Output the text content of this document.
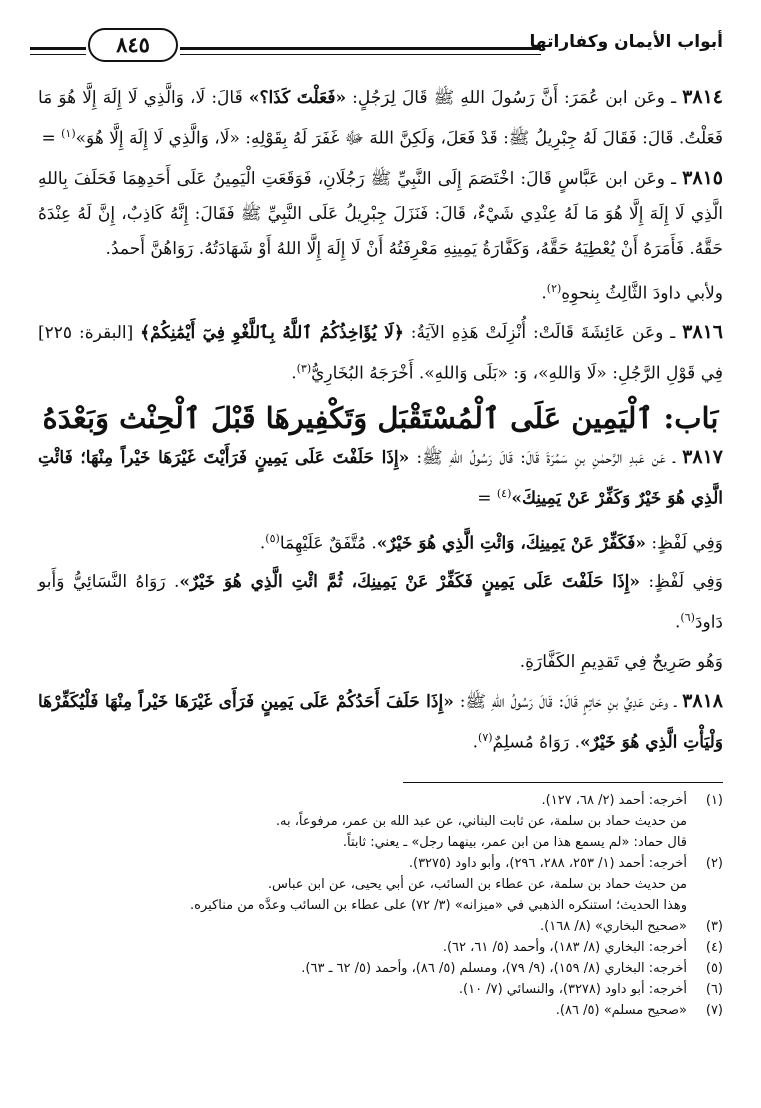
أبواب الأيمان وكفاراتها
٨٤٥

٣٨١٤ ـ وعَن ابن عُمَرَ: أَنَّ رَسُولَ اللهِ ﷺ قَالَ لِرَجُلٍ: «فَعَلْتَ كَذَا؟» قَالَ: لَا، وَالَّذِي لَا إِلَهَ إِلَّا هُوَ مَا فَعَلْتُ. قَالَ: فَقَالَ لَهُ جِبْرِيلُ ﷺ: قَدْ فَعَلَ، وَلَكِنَّ اللهَ ﷻ غَفَرَ لَهُ بِقَوْلِهِ: «لَا، وَالَّذِي لَا إِلَهَ إِلَّا هُوَ»$^{(١)}$ =

٣٨١٥ ـ وعَن ابن عَبَّاسٍ قَالَ: اخْتَصَمَ إِلَى النَّبِيِّ ﷺ رَجُلَانِ، فَوَقَعَتِ الْيَمِينُ عَلَى أَحَدِهِمَا فَحَلَفَ بِاللهِ الَّذِي لَا إِلَهَ إِلَّا هُوَ مَا لَهُ عِنْدِي شَيْءٌ، قَالَ: فَنَزَلَ جِبْرِيلُ عَلَى النَّبِيِّ ﷺ فَقَالَ: إِنَّهُ كَاذِبٌ، إِنَّ لَهُ عِنْدَهُ حَقَّهُ. فَأَمَرَهُ أَنْ يُعْطِيَهُ حَقَّهُ، وَكَفَّارَةُ يَمِينِهِ مَعْرِفَتُهُ أَنْ لَا إِلَهَ إِلَّا اللهُ أَوْ شَهَادَتُهُ. رَوَاهُنَّ أَحمدُ.

ولأبي داودَ الثَّالِثُ بِنحوِهِ$^{(٢)}$.

٣٨١٦ ـ وعَن عَائِشَةَ قَالَتْ: أُنْزِلَتْ هَذِهِ الآيَةُ: ﴿لَا يُؤَاخِذُكُمُ ٱللَّهُ بِٱللَّغْوِ فِيٓ أَيْمَٰنِكُمْ﴾ [البقرة: ٢٢٥] فِي قَوْلِ الرَّجُلِ: «لَا وَاللهِ»، وَ: «بَلَى وَاللهِ». أَخْرَجَهُ البُخَارِيُّ$^{(٣)}$.

بَاب: ٱلْيَمِين عَلَى ٱلْمُسْتَقْبَل وَتَكْفِيرهَا قَبْلَ ٱلْحِنْث وَبَعْدَهُ

٣٨١٧ ـ عَن عَبدِ الرَّحمٰنِ بنِ سَمُرَةَ قَالَ: قَالَ رَسُولُ اللهِ ﷺ: «إِذَا حَلَفْتَ عَلَى يَمِينٍ فَرَأَيْتَ غَيْرَهَا خَيْراً مِنْهَا؛ فَائْتِ الَّذِي هُوَ خَيْرٌ وَكَفِّرْ عَنْ يَمِينِكَ»$^{(٤)}$ =

وَفِي لَفْظٍ: «فَكَفِّرْ عَنْ يَمِينِكَ، وَائْتِ الَّذِي هُوَ خَيْرٌ». مُتَّفَقٌ عَلَيْهِمَا$^{(٥)}$.

وَفِي لَفْظٍ: «إِذَا حَلَفْتَ عَلَى يَمِينٍ فَكَفِّرْ عَنْ يَمِينِكَ، ثُمَّ ائْتِ الَّذِي هُوَ خَيْرٌ». رَوَاهُ النَّسَائِيُّ وَأَبو دَاودَ$^{(٦)}$.

وَهُو صَرِيحٌ فِي تَقدِيمِ الكَفَّارَةِ.

٣٨١٨ ـ وعَن عَدِيِّ بنِ حَاتِمٍ قَالَ: قَالَ رَسُولُ اللهِ ﷺ: «إِذَا حَلَفَ أَحَدُكُمْ عَلَى يَمِينٍ فَرَأَى غَيْرَهَا خَيْراً مِنْهَا فَلْيُكَفِّرْهَا وَلْيَأْتِ الَّذِي هُوَ خَيْرٌ». رَوَاهُ مُسلِمٌ$^{(٧)}$.

(١)
أخرجه: أحمد (٢/ ٦٨، ١٢٧).
من حديث حماد بن سلمة، عن ثابت البناني، عن عبد الله بن عمر، مرفوعاً، به.
قال حماد: «لم يسمع هذا من ابن عمر، بينهما رجل» ـ يعني: ثابتاً.
(٢)
أخرجه: أحمد (١/ ٢٥٣، ٢٨٨، ٢٩٦)، وأبو داود (٣٢٧٥).
من حديث حماد بن سلمة، عن عطاء بن السائب، عن أبي يحيى، عن ابن عباس.
وهذا الحديث؛ استنكره الذهبي في «ميزانه» (٣/ ٧٢) على عطاء بن السائب وعدَّه من مناكيره.
(٣)
«صحيح البخاري» (٨/ ١٦٨).
(٤)
أخرجه: البخاري (٨/ ١٨٣)، وأحمد (٥/ ٦١، ٦٢).
(٥)
أخرجه: البخاري (٨/ ١٥٩)، (٩/ ٧٩)، ومسلم (٥/ ٨٦)، وأحمد (٥/ ٦٢ ـ ٦٣).
(٦)
أخرجه: أبو داود (٣٢٧٨)، والنسائي (٧/ ١٠).
(٧)
«صحيح مسلم» (٥/ ٨٦).
